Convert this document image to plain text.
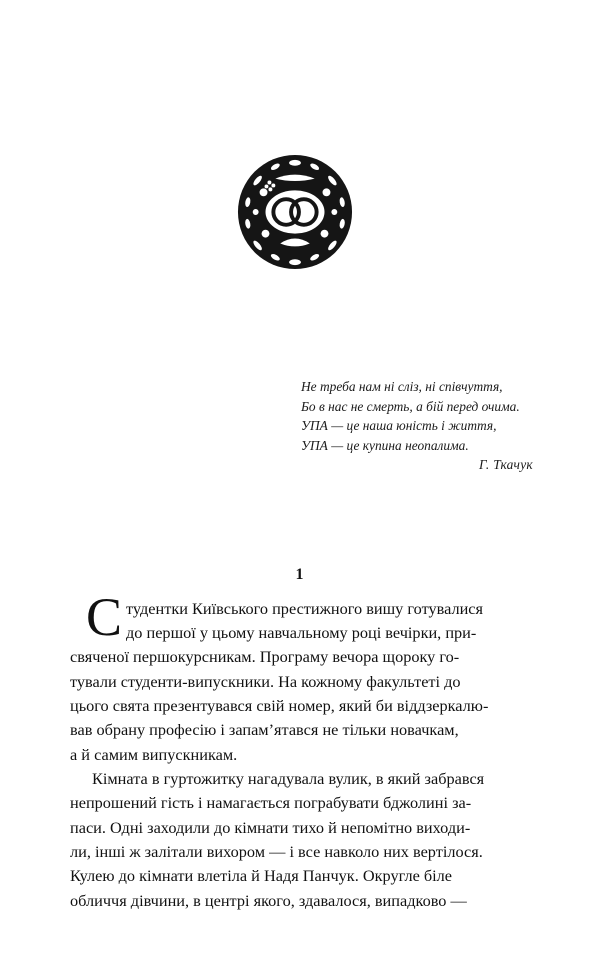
Не треба нам ні сліз, ні співчуття,
Бо в нас не смерть, а бій перед очима.
УПА — це наша юність і життя,
УПА — це купина неопалима.
Г. Ткачук
1
С тудентки Київського престижного вишу готувалися
до першої у цьому навчальному році вечірки, при-
свяченої першокурсникам. Програму вечора щороку го-
тували студенти-випускники. На кожному факультеті до
цього свята презентувався свій номер, який би віддзеркалю-
вав обрану професію і запам’ятався не тільки новачкам,
а й самим випускникам.
Кімната в гуртожитку нагадувала вулик, в який забрався
непрошений гість і намагається пограбувати бджолині за-
паси. Одні заходили до кімнати тихо й непомітно виходи-
ли, інші ж залітали вихором — і все навколо них вертілося.
Кулею до кімнати влетіла й Надя Панчук. Округле біле
обличчя дівчини, в центрі якого, здавалося, випадково —
